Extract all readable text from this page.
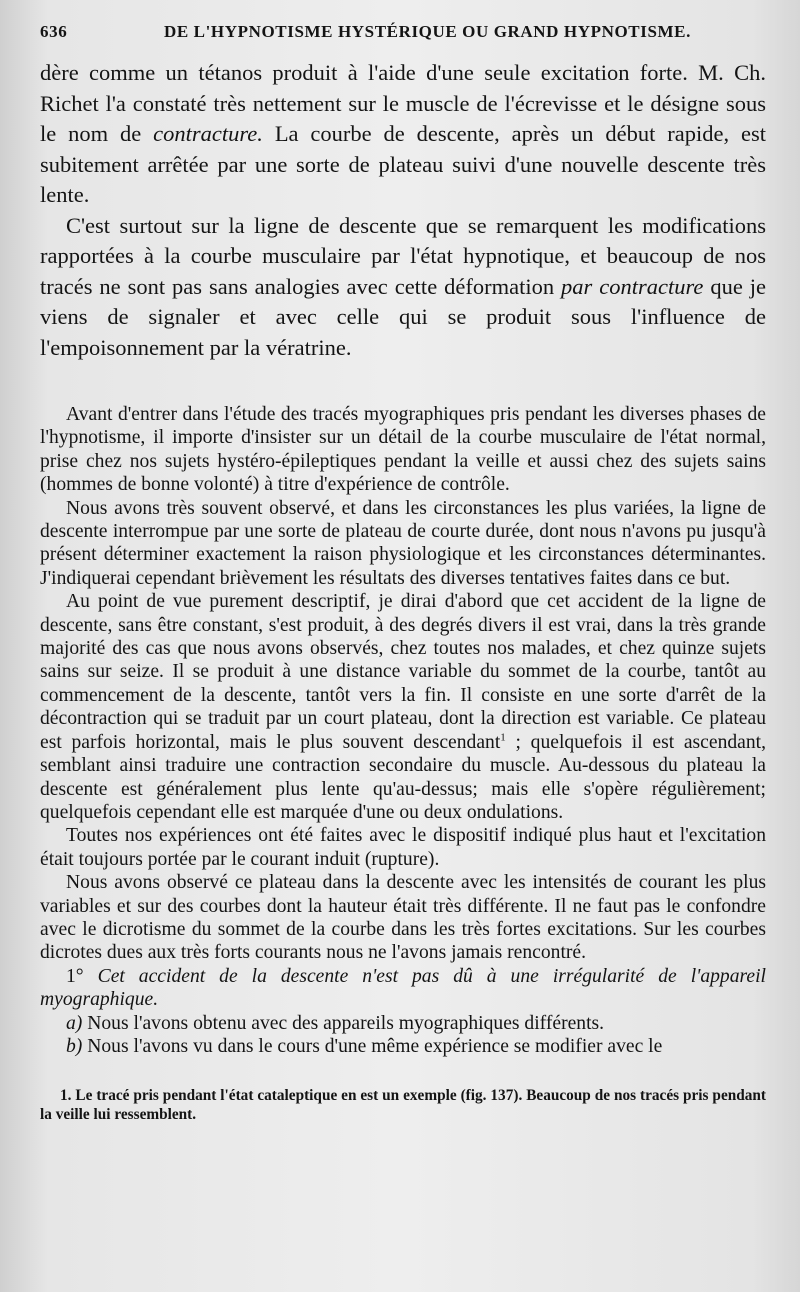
636	DE L'HYPNOTISME HYSTÉRIQUE OU GRAND HYPNOTISME.

dère comme un tétanos produit à l'aide d'une seule excitation forte. M. Ch. Richet l'a constaté très nettement sur le muscle de l'écrevisse et le désigne sous le nom de contracture. La courbe de descente, après un début rapide, est subitement arrêtée par une sorte de plateau suivi d'une nouvelle descente très lente.

C'est surtout sur la ligne de descente que se remarquent les modifications rapportées à la courbe musculaire par l'état hypnotique, et beaucoup de nos tracés ne sont pas sans analogies avec cette déformation par contracture que je viens de signaler et avec celle qui se produit sous l'influence de l'empoisonnement par la vératrine.

Avant d'entrer dans l'étude des tracés myographiques pris pendant les diverses phases de l'hypnotisme, il importe d'insister sur un détail de la courbe musculaire de l'état normal, prise chez nos sujets hystéro-épileptiques pendant la veille et aussi chez des sujets sains (hommes de bonne volonté) à titre d'expérience de contrôle.

Nous avons très souvent observé, et dans les circonstances les plus variées, la ligne de descente interrompue par une sorte de plateau de courte durée, dont nous n'avons pu jusqu'à présent déterminer exactement la raison physiologique et les circonstances déterminantes. J'indiquerai cependant brièvement les résultats des diverses tentatives faites dans ce but.

Au point de vue purement descriptif, je dirai d'abord que cet accident de la ligne de descente, sans être constant, s'est produit, à des degrés divers il est vrai, dans la très grande majorité des cas que nous avons observés, chez toutes nos malades, et chez quinze sujets sains sur seize. Il se produit à une distance variable du sommet de la courbe, tantôt au commencement de la descente, tantôt vers la fin. Il consiste en une sorte d'arrêt de la décontraction qui se traduit par un court plateau, dont la direction est variable. Ce plateau est parfois horizontal, mais le plus souvent descendant$^1$ ; quelquefois il est ascendant, semblant ainsi traduire une contraction secondaire du muscle. Au-dessous du plateau la descente est généralement plus lente qu'au-dessus; mais elle s'opère régulièrement; quelquefois cependant elle est marquée d'une ou deux ondulations.

Toutes nos expériences ont été faites avec le dispositif indiqué plus haut et l'excitation était toujours portée par le courant induit (rupture).

Nous avons observé ce plateau dans la descente avec les intensités de courant les plus variables et sur des courbes dont la hauteur était très différente. Il ne faut pas le confondre avec le dicrotisme du sommet de la courbe dans les très fortes excitations. Sur les courbes dicrotes dues aux très forts courants nous ne l'avons jamais rencontré.

1° Cet accident de la descente n'est pas dû à une irrégularité de l'appareil myographique.

a) Nous l'avons obtenu avec des appareils myographiques différents.

b) Nous l'avons vu dans le cours d'une même expérience se modifier avec le

1. Le tracé pris pendant l'état cataleptique en est un exemple (fig. 137). Beaucoup de nos tracés pris pendant la veille lui ressemblent.
